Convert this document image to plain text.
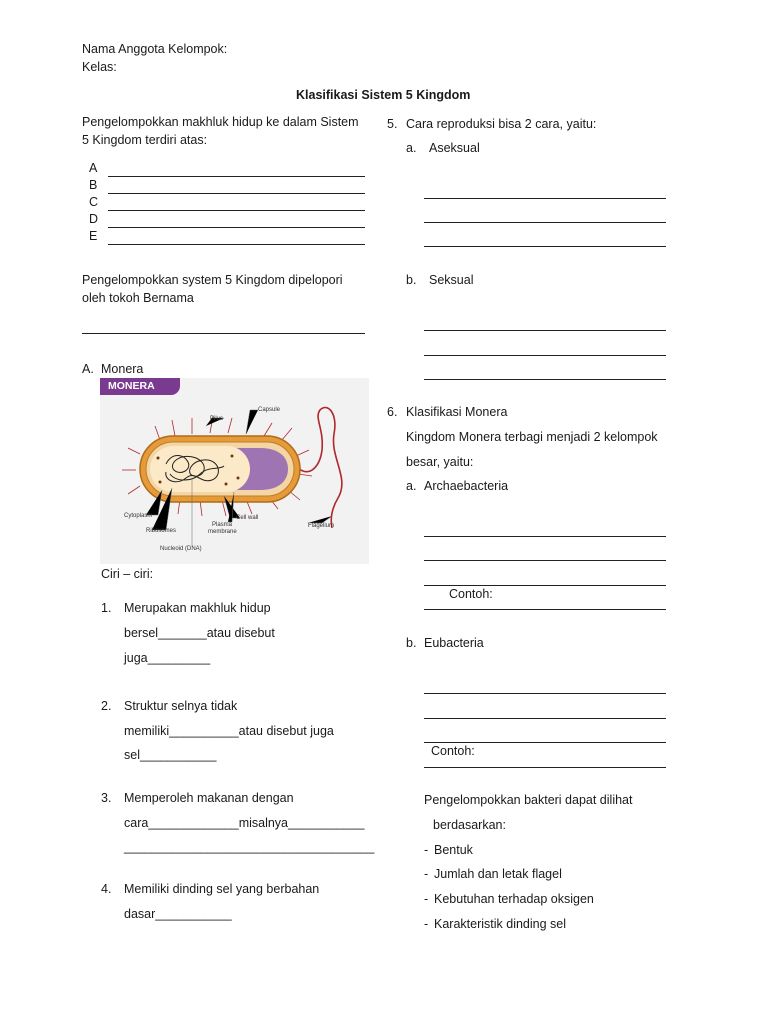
Nama Anggota Kelompok:
Kelas:
Klasifikasi Sistem 5 Kingdom
Pengelompokkan makhluk hidup ke dalam Sistem
5 Kingdom terdiri atas:
A
B
C
D
E
Pengelompokkan system 5 Kingdom dipelopori
oleh tokoh Bernama
A. Monera
MONERA
Pilus
Capsule
Cytoplasm
Ribosomes
Cell wall
Plasma
membrane
Flagellum
Nucleoid (DNA)
Ciri – ciri:
1. Merupakan makhluk hidup
bersel_______atau disebut
juga_________
2. Struktur selnya tidak
memiliki__________atau disebut juga
sel___________
3. Memperoleh makanan dengan
cara_____________misalnya___________
____________________________________
4. Memiliki dinding sel yang berbahan
dasar___________
5. Cara reproduksi bisa 2 cara, yaitu:
a. Aseksual
b. Seksual
6. Klasifikasi Monera
Kingdom Monera terbagi menjadi 2 kelompok
besar, yaitu:
a. Archaebacteria
Contoh:
b. Eubacteria
Contoh:
Pengelompokkan bakteri dapat dilihat
berdasarkan:
- Bentuk
- Jumlah dan letak flagel
- Kebutuhan terhadap oksigen
- Karakteristik dinding sel
